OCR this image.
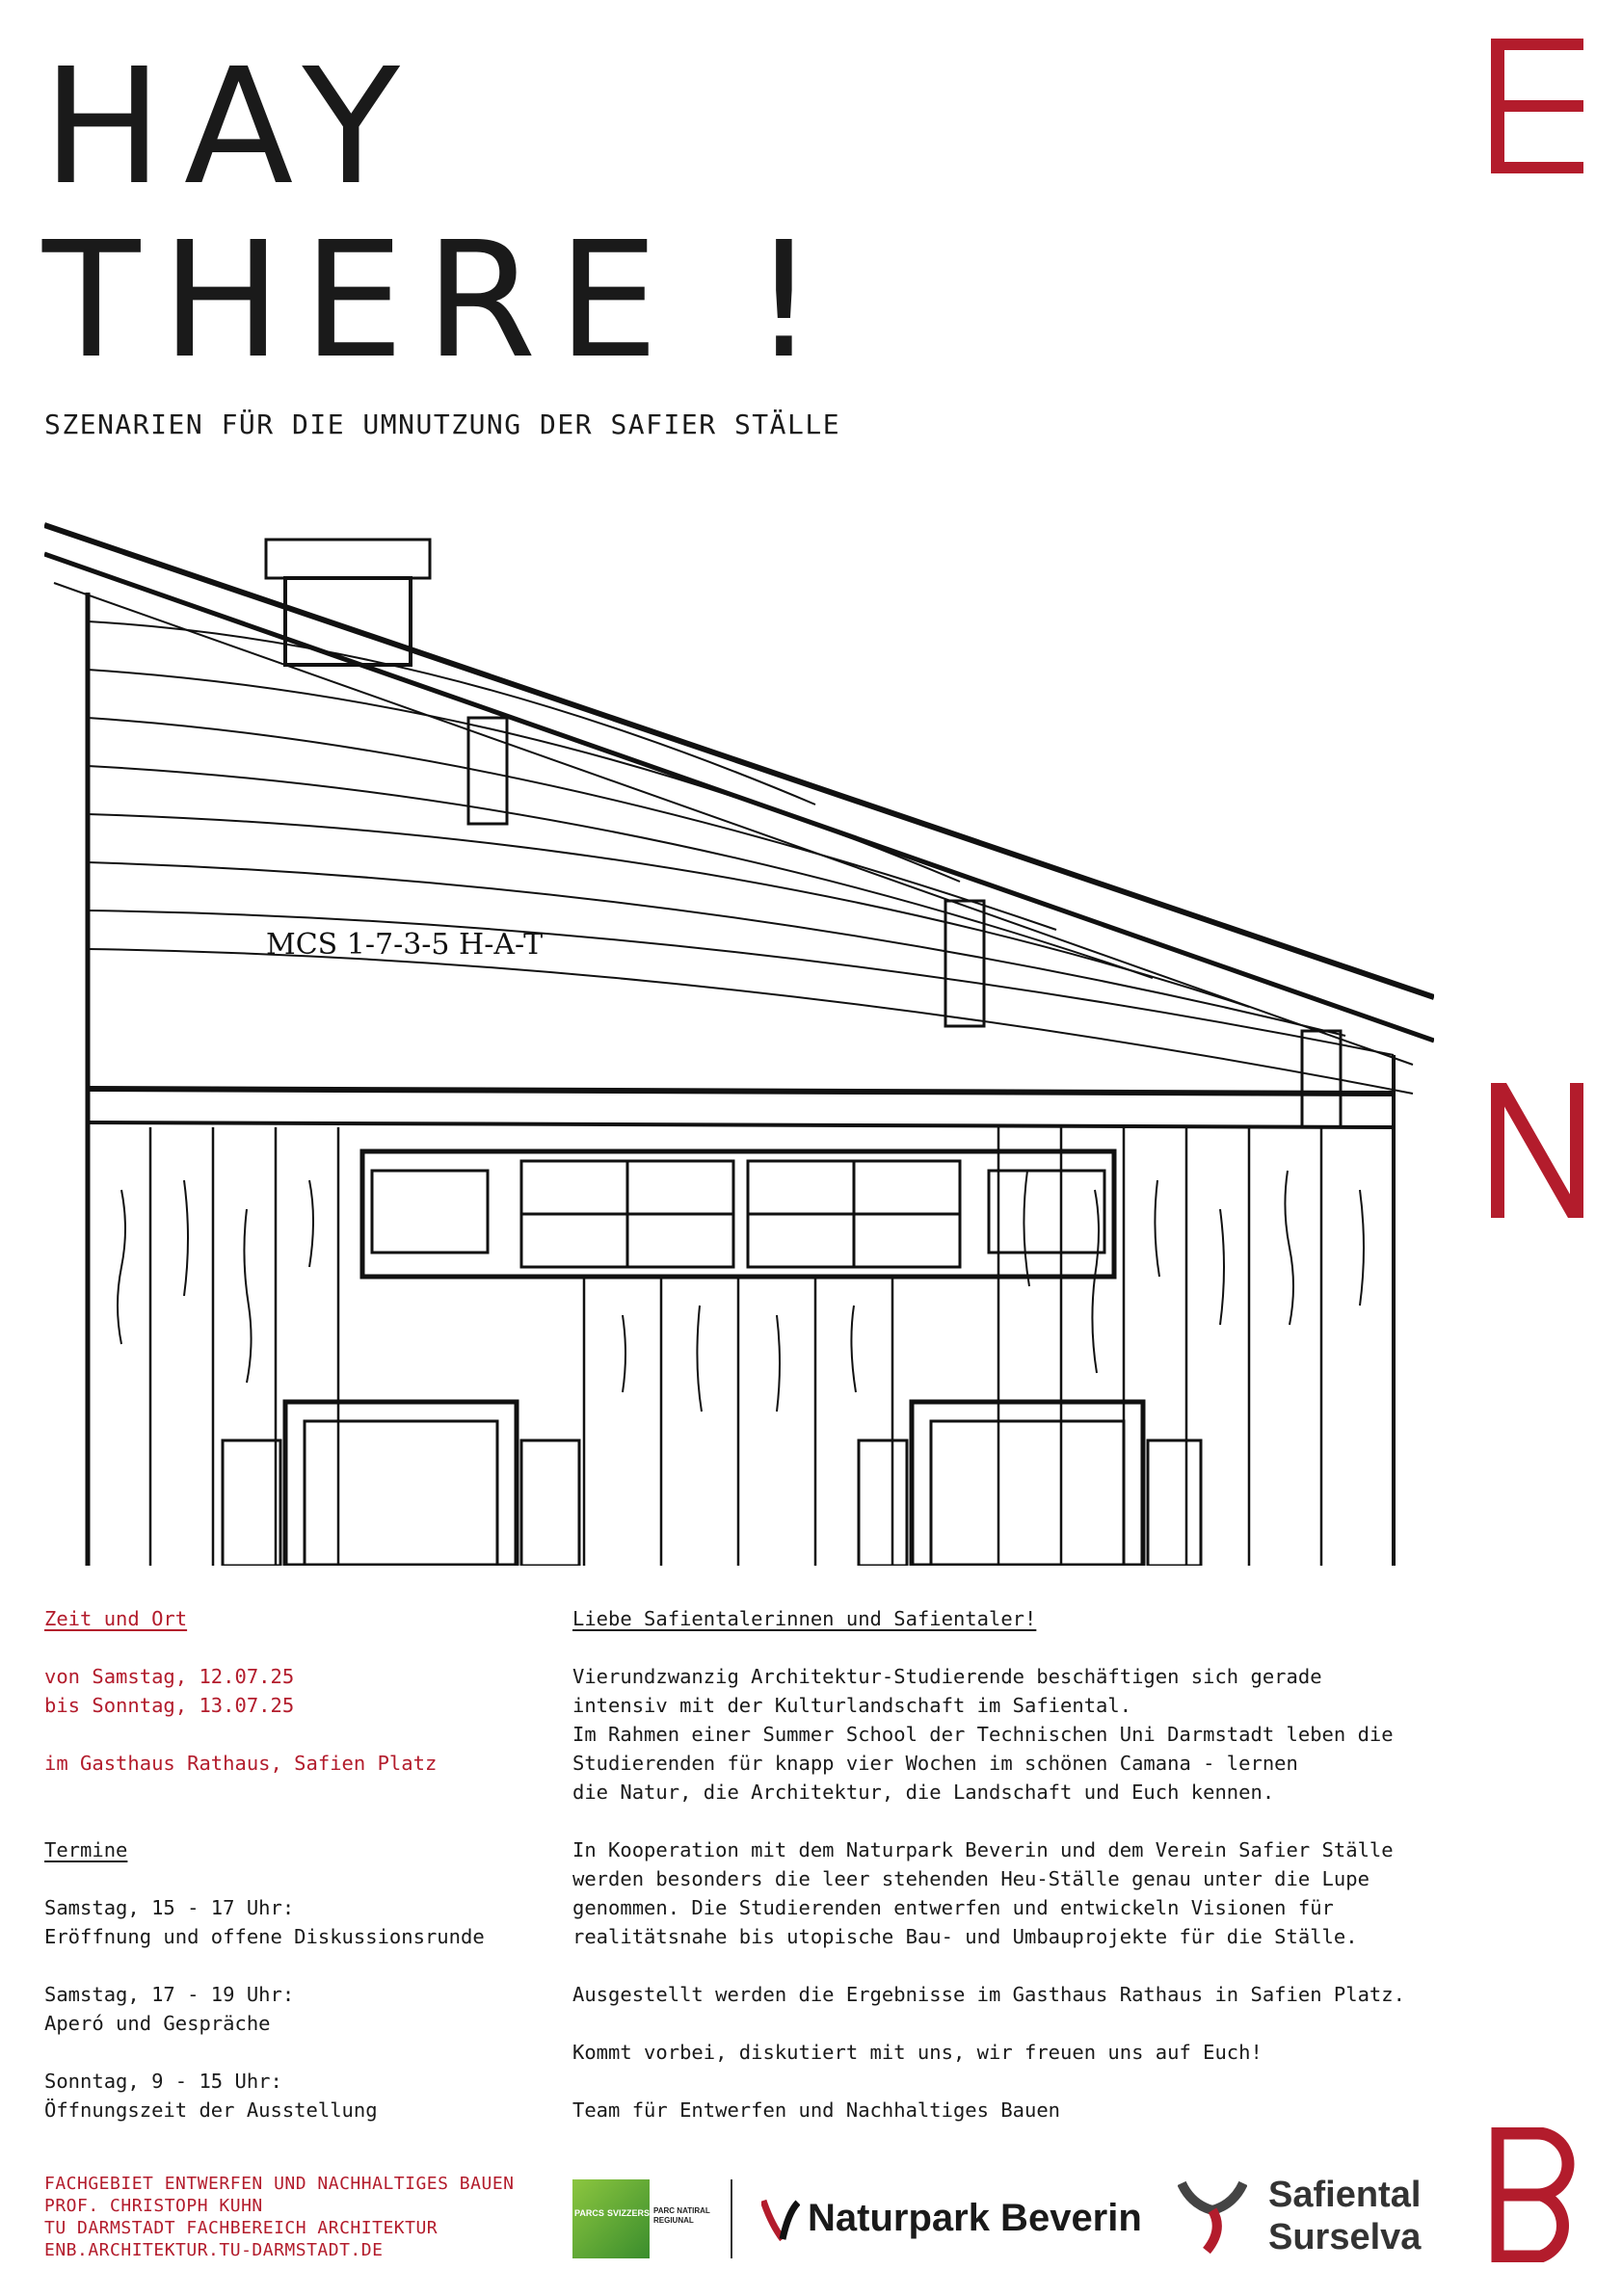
HAY
THERE !
SZENARIEN FÜR DIE UMNUTZUNG DER SAFIER STÄLLE
MCS 1-7-3-5 H-A-T
Zeit und Ort
von Samstag, 12.07.25
bis Sonntag, 13.07.25
im Gasthaus Rathaus, Safien Platz
Termine
Samstag, 15 - 17 Uhr:
Eröffnung und offene Diskussionsrunde
Samstag, 17 - 19 Uhr:
Aperó und Gespräche
Sonntag, 9 - 15 Uhr:
Öffnungszeit der Ausstellung
Liebe Safientalerinnen und Safientaler!
Vierundzwanzig Architektur-Studierende beschäftigen sich gerade
intensiv mit der Kulturlandschaft im Safiental.
Im Rahmen einer Summer School der Technischen Uni Darmstadt leben die
Studierenden für knapp vier Wochen im schönen Camana - lernen
die Natur, die Architektur, die Landschaft und Euch kennen.
In Kooperation mit dem Naturpark Beverin und dem Verein Safier Ställe
werden besonders die leer stehenden Heu-Ställe genau unter die Lupe
genommen. Die Studierenden entwerfen und entwickeln Visionen für
realitätsnahe bis utopische Bau- und Umbauprojekte für die Ställe.
Ausgestellt werden die Ergebnisse im Gasthaus Rathaus in Safien Platz.
Kommt vorbei, diskutiert mit uns, wir freuen uns auf Euch!
Team für Entwerfen und Nachhaltiges Bauen
FACHGEBIET ENTWERFEN UND NACHHALTIGES BAUEN
PROF. CHRISTOPH KUHN
TU DARMSTADT FACHBEREICH ARCHITEKTUR
ENB.ARCHITEKTUR.TU-DARMSTADT.DE
PARCS SVIZZERS PARC NATIRAL
REGIUNAL	Naturpark Beverin
Safiental
Surselva
